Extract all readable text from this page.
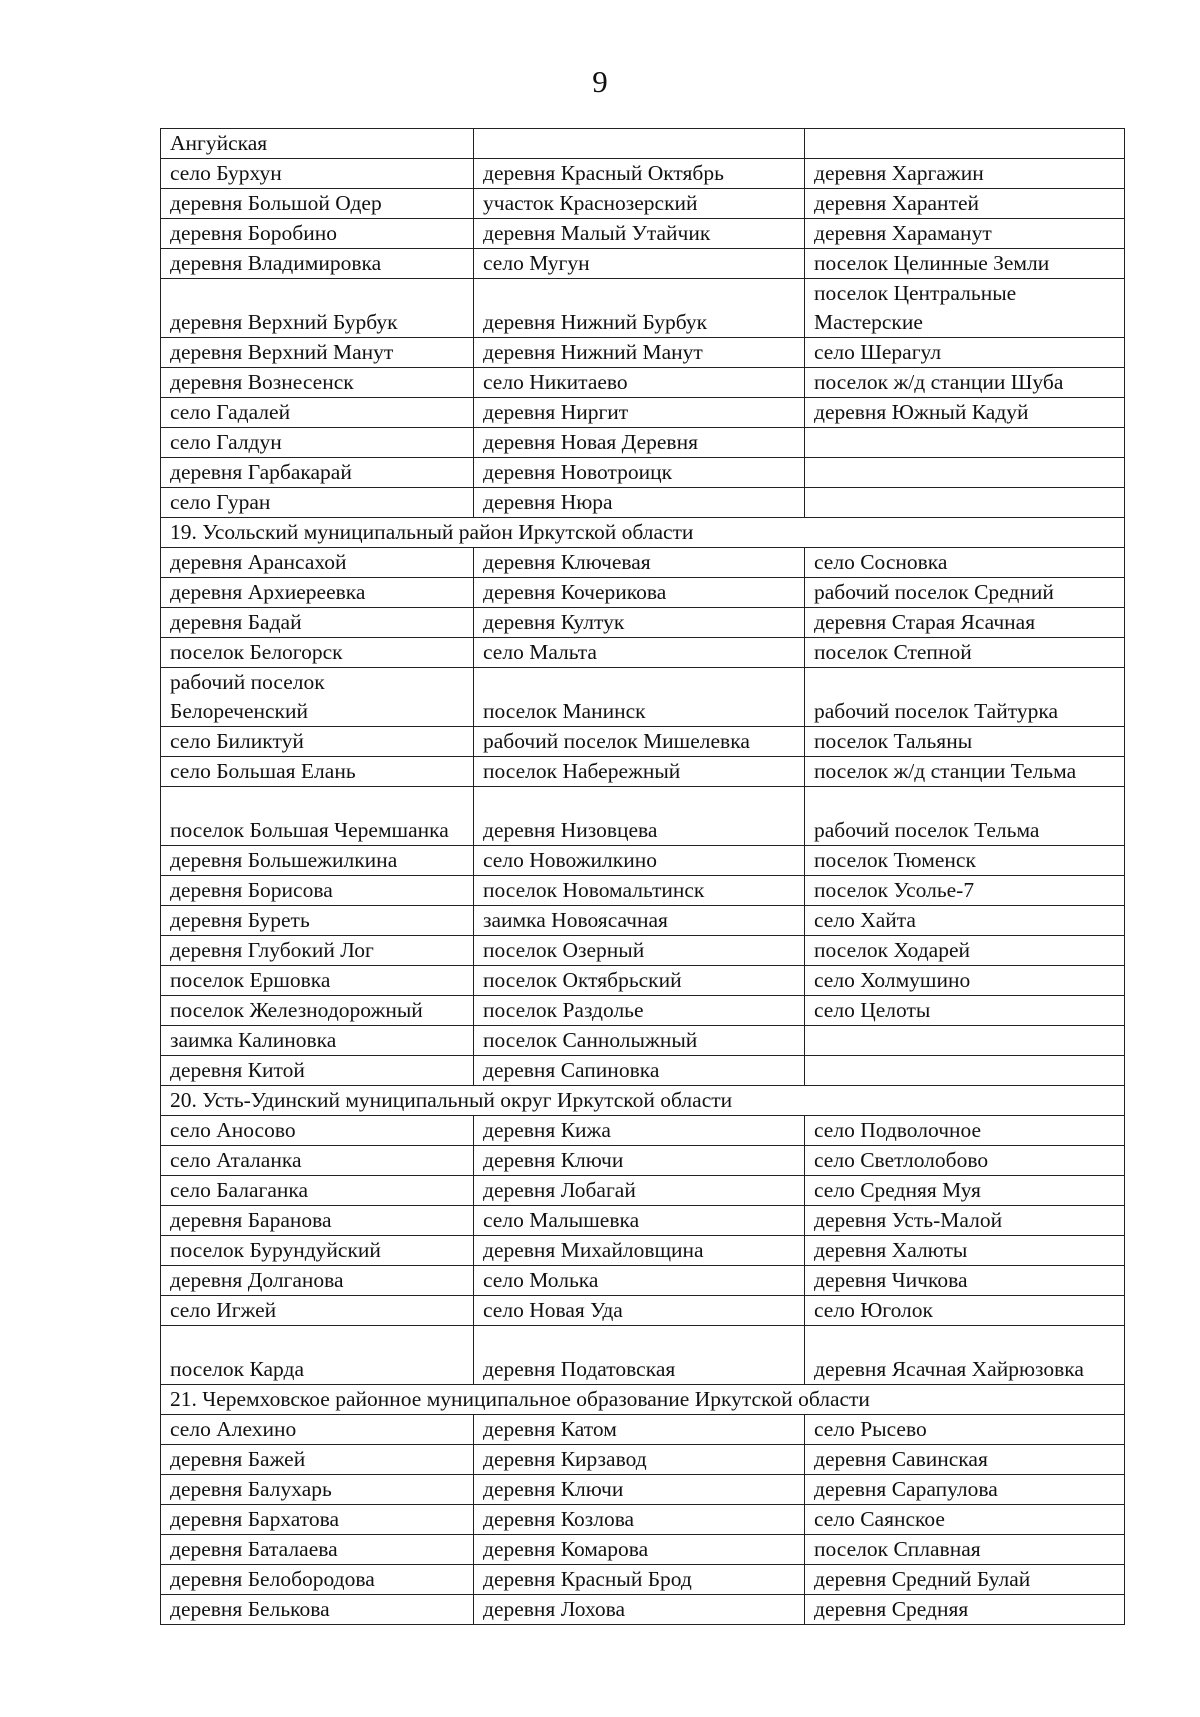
9
Ангуйская		
село Бурхун	деревня Красный Октябрь	деревня Харгажин
деревня Большой Одер	участок Краснозерский	деревня Харантей
деревня Боробино	деревня Малый Утайчик	деревня Хараманут
деревня Владимировка	село Мугун	поселок Целинные Земли
деревня Верхний Бурбук	деревня Нижний Бурбук	поселок Центральные Мастерские
деревня Верхний Манут	деревня Нижний Манут	село Шерагул
деревня Вознесенск	село Никитаево	поселок ж/д станции Шуба
село Гадалей	деревня Ниргит	деревня Южный Кадуй
село Галдун	деревня Новая Деревня	
деревня Гарбакарай	деревня Новотроицк	
село Гуран	деревня Нюра	
19. Усольский муниципальный район Иркутской области		
деревня Арансахой	деревня Ключевая	село Сосновка
деревня Архиереевка	деревня Кочерикова	рабочий поселок Средний
деревня Бадай	деревня Култук	деревня Старая Ясачная
поселок Белогорск	село Мальта	поселок Степной
рабочий поселок Белореченский	поселок Манинск	рабочий поселок Тайтурка
село Биликтуй	рабочий поселок Мишелевка	поселок Тальяны
село Большая Елань	поселок Набережный	поселок ж/д станции Тельма
поселок Большая Черемшанка	деревня Низовцева	рабочий поселок Тельма
деревня Большежилкина	село Новожилкино	поселок Тюменск
деревня Борисова	поселок Новомальтинск	поселок Усолье-7
деревня Буреть	заимка Новоясачная	село Хайта
деревня Глубокий Лог	поселок Озерный	поселок Ходарей
поселок Ершовка	поселок Октябрьский	село Холмушино
поселок Железнодорожный	поселок Раздолье	село Целоты
заимка Калиновка	поселок Саннолыжный	
деревня Китой	деревня Сапиновка	
20. Усть-Удинский муниципальный округ Иркутской области		
село Аносово	деревня Кижа	село Подволочное
село Аталанка	деревня Ключи	село Светлолобово
село Балаганка	деревня Лобагай	село Средняя Муя
деревня Баранова	село Малышевка	деревня Усть-Малой
поселок Бурундуйский	деревня Михайловщина	деревня Халюты
деревня Долганова	село Молька	деревня Чичкова
село Игжей	село Новая Уда	село Юголок
поселок Карда	деревня Податовская	деревня Ясачная Хайрюзовка
21. Черемховское районное муниципальное образование Иркутской области		
село Алехино	деревня Катом	село Рысево
деревня Бажей	деревня Кирзавод	деревня Савинская
деревня Балухарь	деревня Ключи	деревня Сарапулова
деревня Бархатова	деревня Козлова	село Саянское
деревня Баталаева	деревня Комарова	поселок Сплавная
деревня Белобородова	деревня Красный Брод	деревня Средний Булай
деревня Белькова	деревня Лохова	деревня Средняя
